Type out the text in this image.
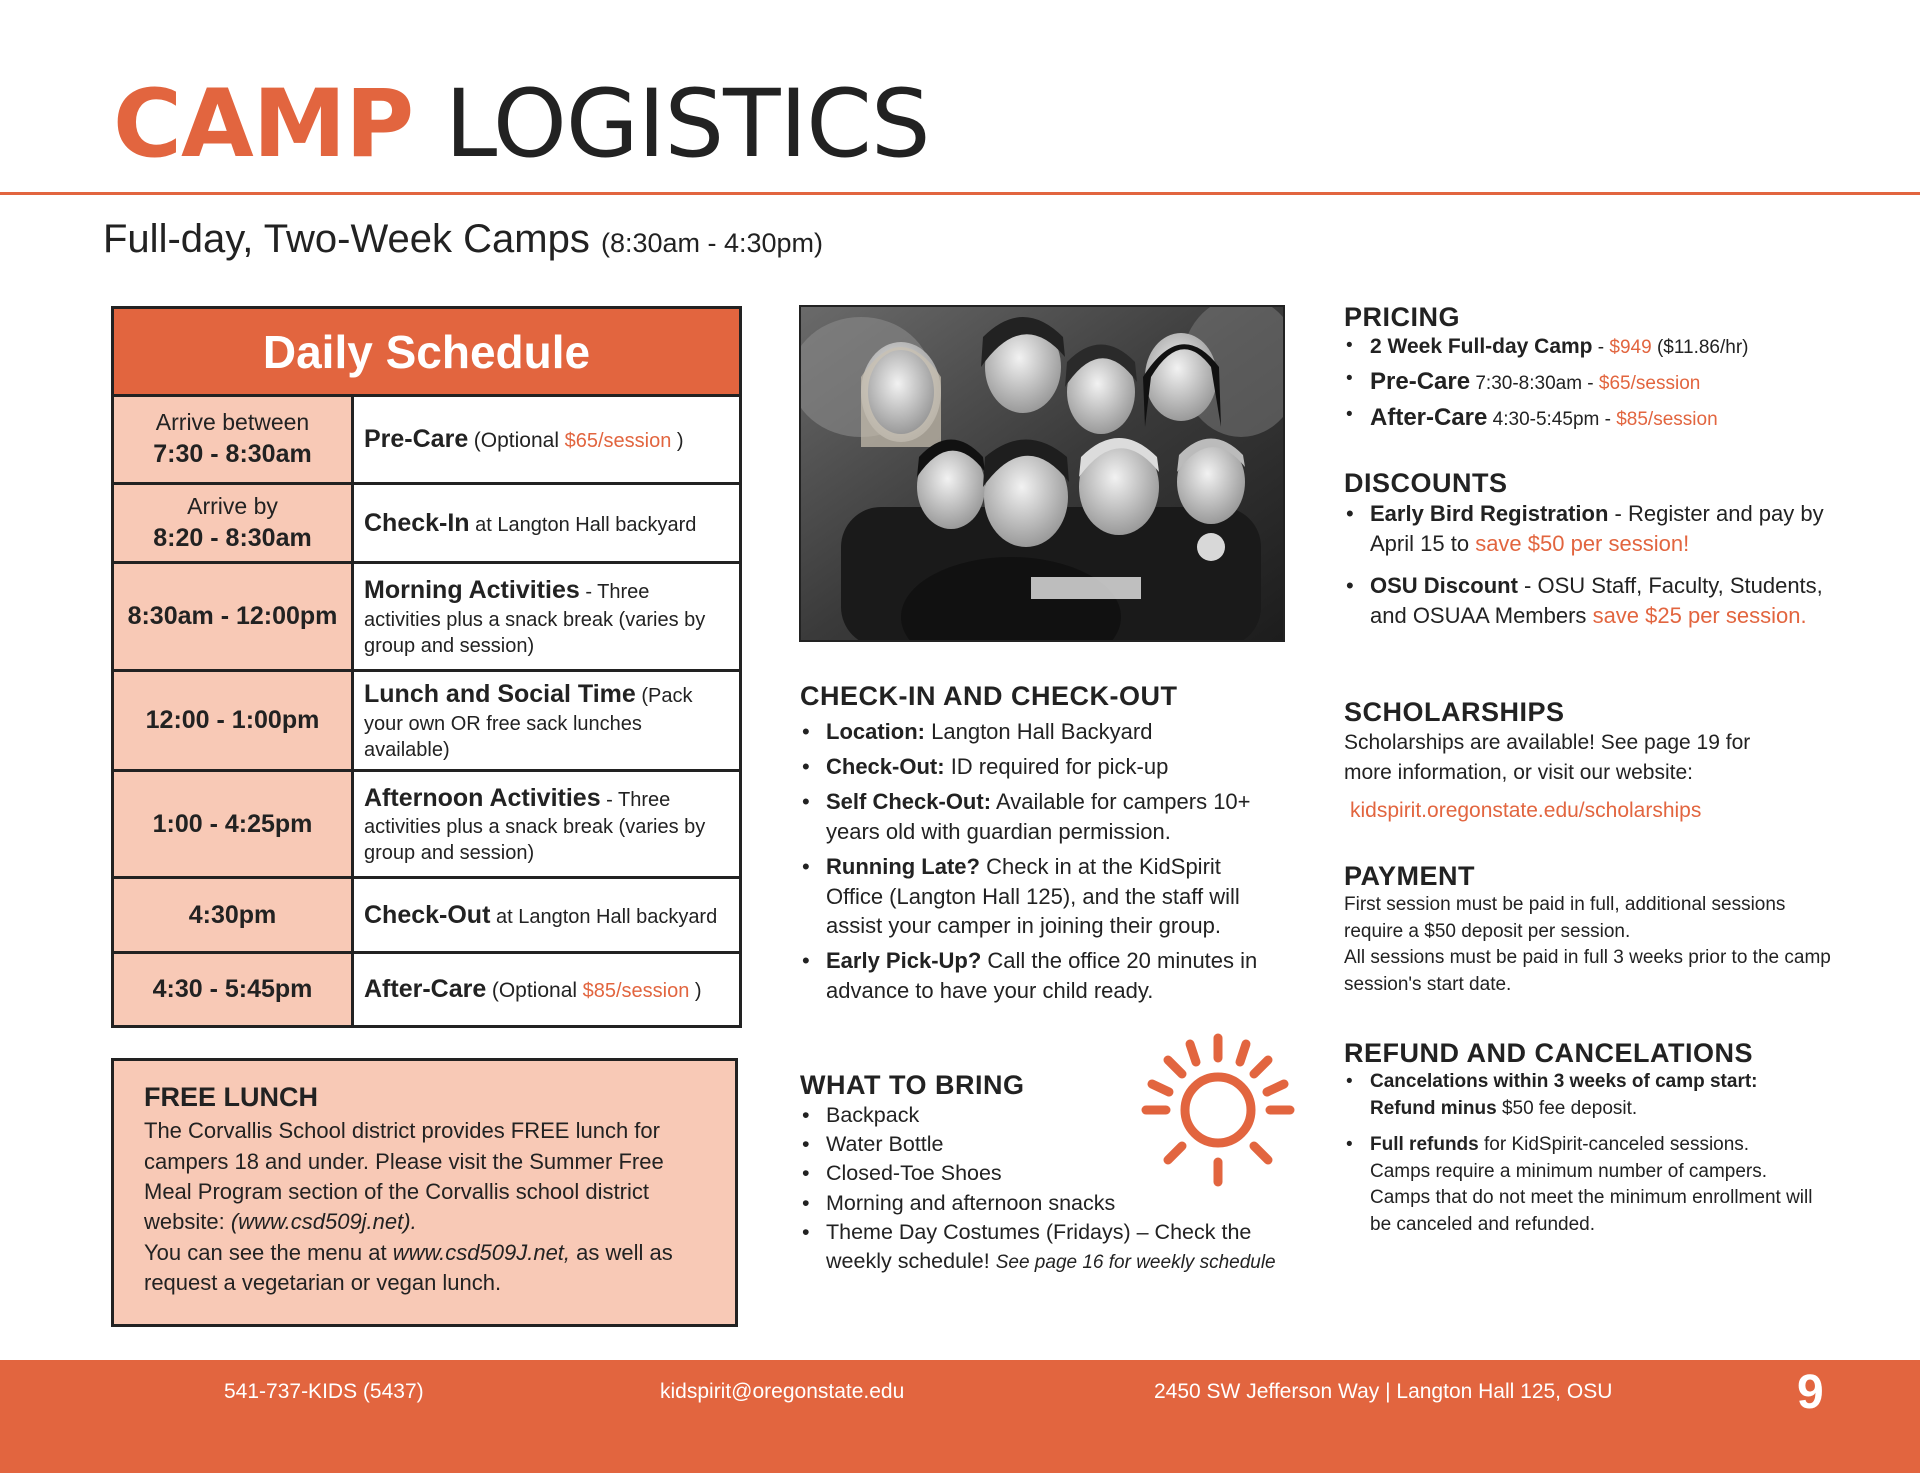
CAMP LOGISTICS
Full-day, Two-Week Camps (8:30am - 4:30pm)
Daily Schedule
Arrive between
7:30 - 8:30am
Pre-Care (Optional $65/session )
Arrive by
8:20 - 8:30am
Check-In at Langton Hall backyard
8:30am - 12:00pm
Morning Activities - Three activities plus a snack break (varies by group and session)
12:00 - 1:00pm
Lunch and Social Time (Pack your own OR free sack lunches available)
1:00 - 4:25pm
Afternoon Activities - Three activities plus a snack break (varies by group and session)
4:30pm	Check-Out at Langton Hall backyard
4:30 - 5:45pm After-Care (Optional $85/session )
FREE LUNCH

The Corvallis School district provides FREE lunch for campers 18 and under. Please visit the Summer Free Meal Program section of the Corvallis school district website: (www.csd509j.net).

You can see the menu at www.csd509J.net, as well as request a vegetarian or vegan lunch.

CHECK-IN AND CHECK-OUT
• Location: Langton Hall Backyard
• Check-Out: ID required for pick-up
• Self Check-Out: Available for campers 10+ years old with guardian permission.
• Running Late? Check in at the KidSpirit Office (Langton Hall 125), and the staff will assist your camper in joining their group.
• Early Pick-Up? Call the office 20 minutes in advance to have your child ready.
WHAT TO BRING
• Backpack
• Water Bottle
• Closed-Toe Shoes
• Morning and afternoon snacks
• Theme Day Costumes (Fridays) – Check the weekly schedule! See page 16 for weekly schedule
PRICING
• 2 Week Full-day Camp - $949 ($11.86/hr)
• Pre-Care 7:30-8:30am - $65/session
• After-Care 4:30-5:45pm - $85/session
DISCOUNTS
• Early Bird Registration - Register and pay by April 15 to save $50 per session!
• OSU Discount - OSU Staff, Faculty, Students, and OSUAA Members save $25 per session.
SCHOLARSHIPS
Scholarships are available! See page 19 for more information, or visit our website:
kidspirit.oregonstate.edu/scholarships
PAYMENT
First session must be paid in full, additional sessions require a $50 deposit per session.
All sessions must be paid in full 3 weeks prior to the camp session's start date.
REFUND AND CANCELATIONS
• Cancelations within 3 weeks of camp start: Refund minus $50 fee deposit.
• Full refunds for KidSpirit-canceled sessions. Camps require a minimum number of campers. Camps that do not meet the minimum enrollment will be canceled and refunded.
541-737-KIDS (5437)	kidspirit@oregonstate.edu	2450 SW Jefferson Way | Langton Hall 125, OSU	9
